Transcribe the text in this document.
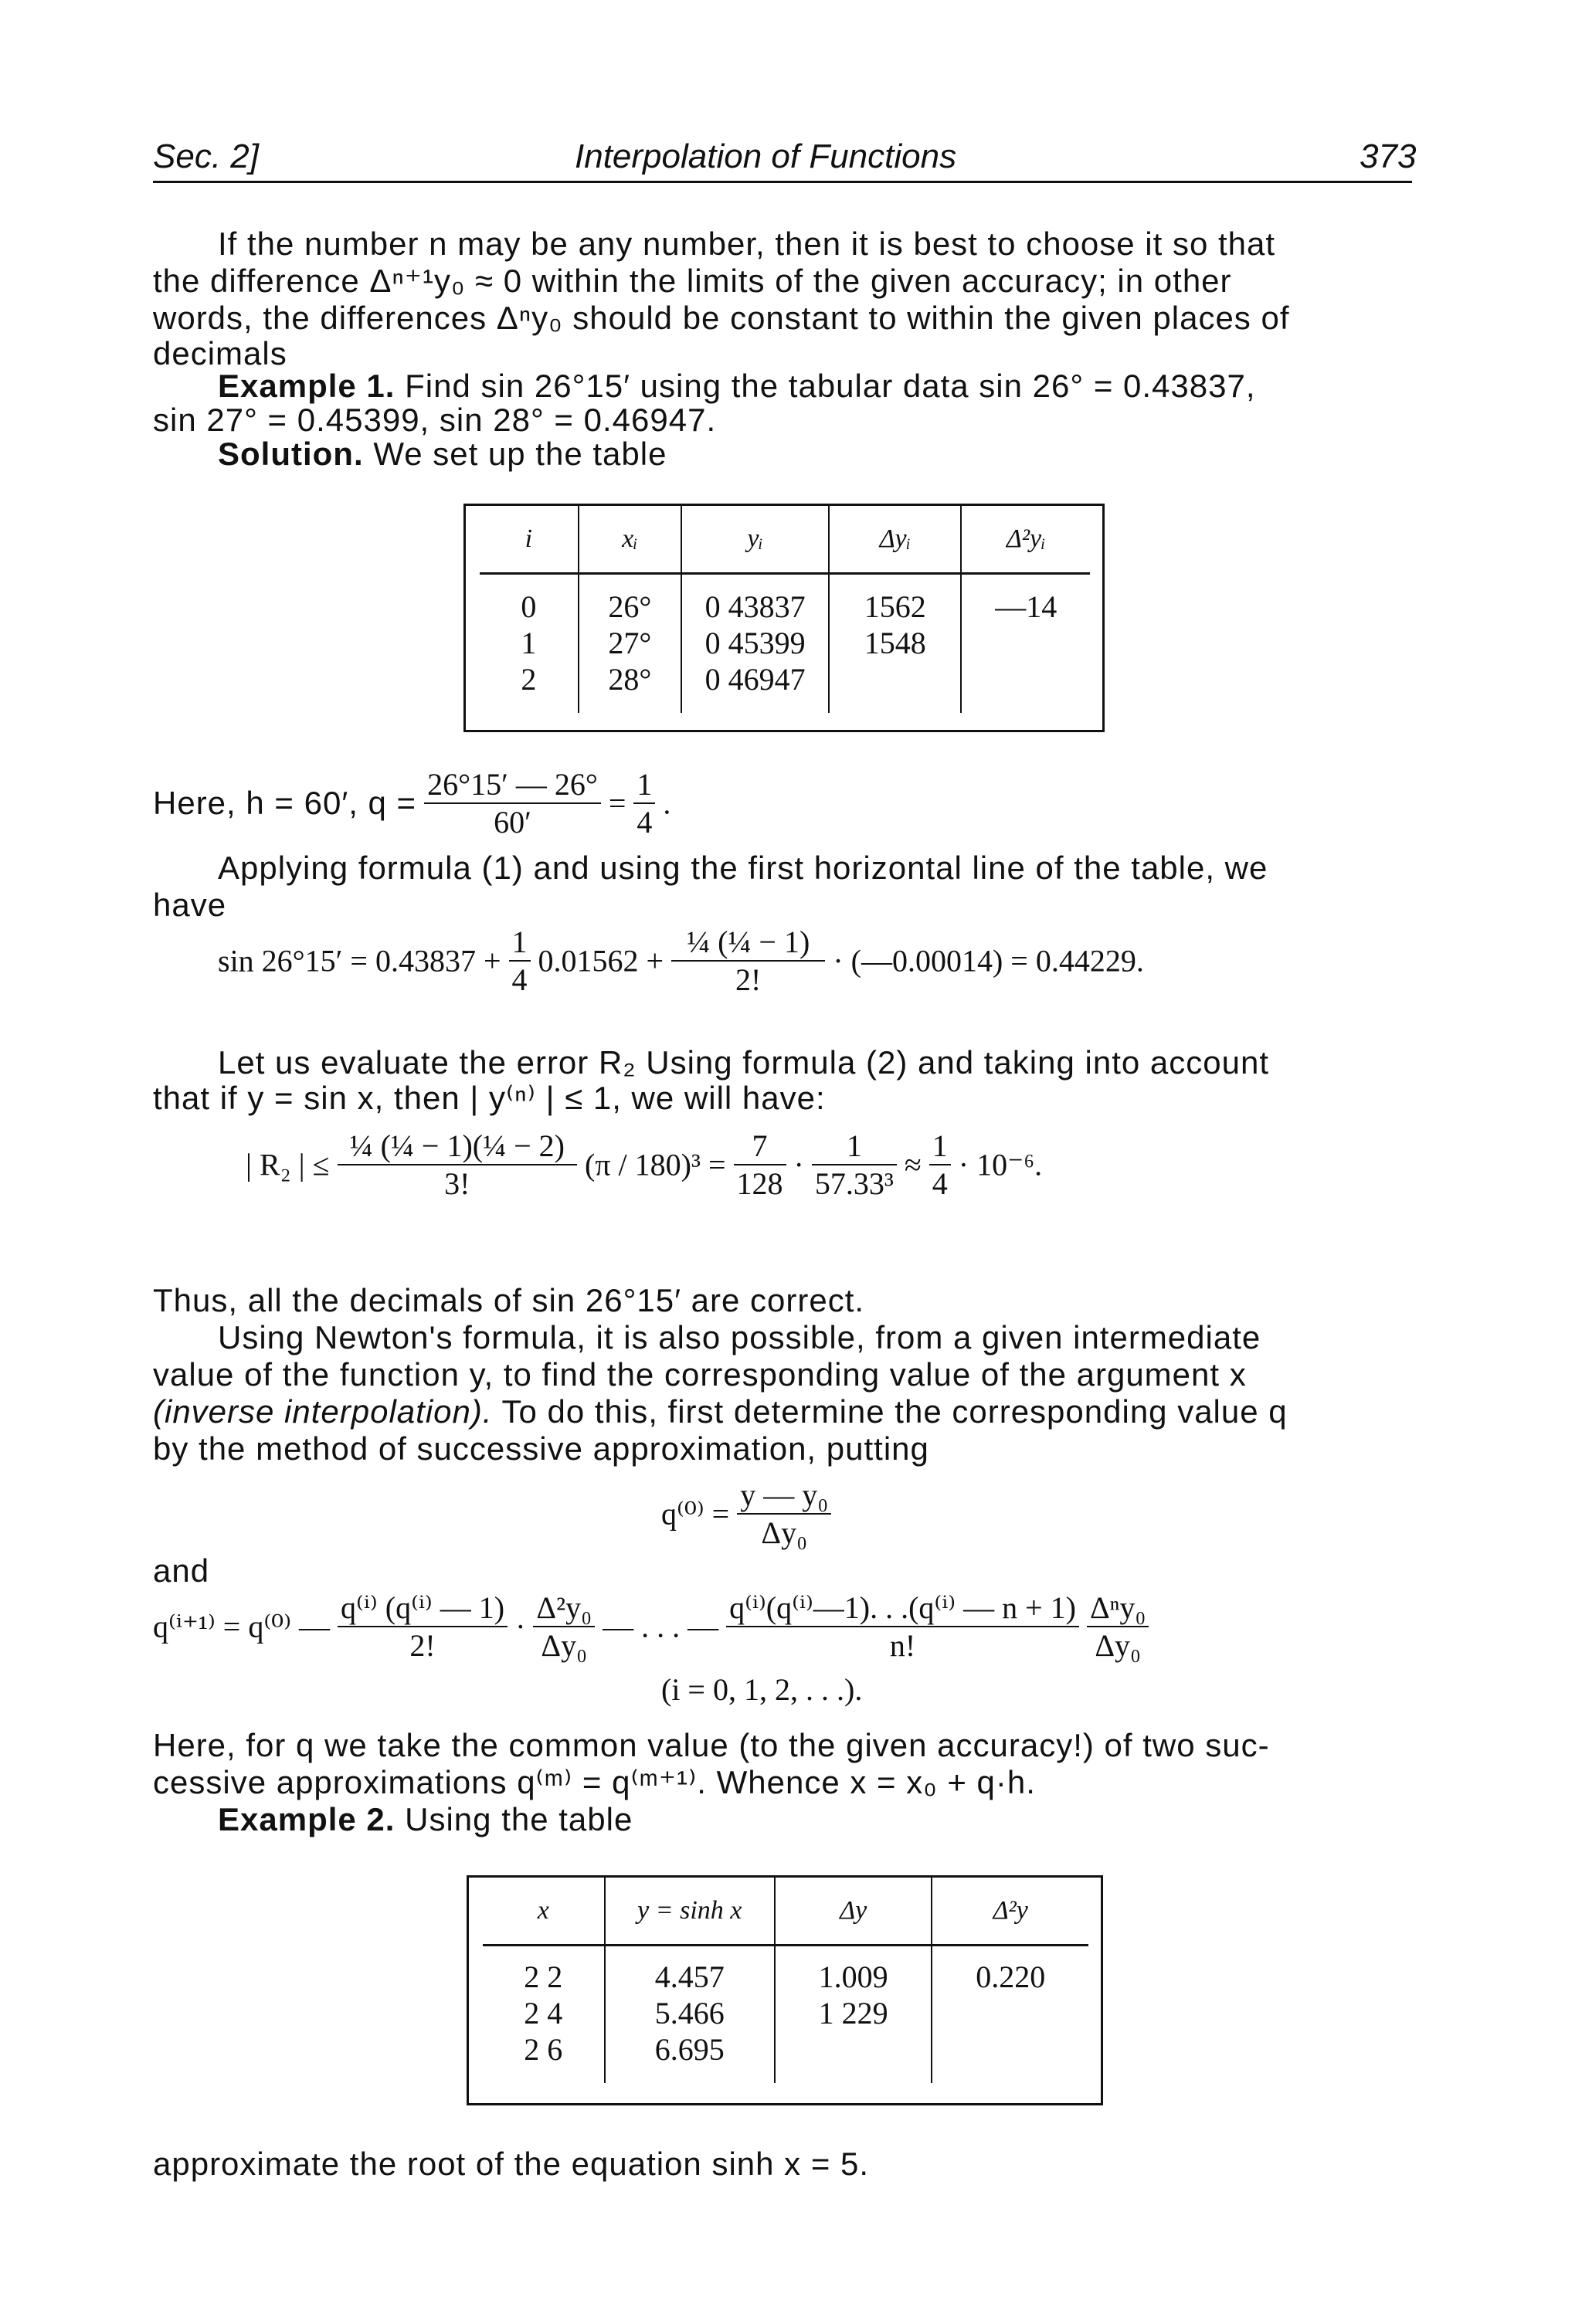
Sec. 2]	Interpolation of Functions	373
If the number n may be any number, then it is best to choose it so that
the difference Δⁿ⁺¹y₀ ≈ 0 within the limits of the given accuracy; in other
words, the differences Δⁿy₀ should be constant to within the given places of
decimals
Example 1. Find sin 26°15′ using the tabular data sin 26° = 0.43837,
sin 27° = 0.45399, sin 28° = 0.46947.
Solution. We set up the table
i	xᵢ	yᵢ	Δyᵢ	Δ²yᵢ
0	26°	0 43837	1562	—14
1	27°	0 45399	1548	
2	28°	0 46947		
Here, h = 60′, $q = \frac{26^\circ 15' — 26^\circ}{60'} = \frac{1}{4}$ .
Applying formula (1) and using the first horizontal line of the table, we
have
$\sin 26^\circ 15' = 0.43837 + \frac{1}{4} 0.01562 + \frac{\text{¼ (¼ − 1)}}{2!}$ · (—0.00014) = 0.44229.
Let us evaluate the error R₂ Using formula (2) and taking into account
that if y = sin x, then | y⁽ⁿ⁾ | ≤ 1, we will have:
| R₂ | ≤ $\frac{\text{¼ (¼ − 1)(¼ − 2)}}{3!} (\pi / 180)^3 = \frac{7}{128} \cdot \frac{1}{\text{57.33³}} \approx \frac{1}{4} \cdot 10^{-6}$.
Thus, all the decimals of sin 26°15′ are correct.
Using Newton's formula, it is also possible, from a given intermediate
value of the function y, to find the corresponding value of the argument x
(inverse interpolation). To do this, first determine the corresponding value q
by the method of successive approximation, putting
$q^{(0)} = \frac{\text{y — y₀}}{\text{Δy₀}}$
and
q⁽ⁱ⁺¹⁾ = q⁽⁰⁾ — $\frac{\text{q⁽ⁱ⁾ (q⁽ⁱ⁾ — 1)}}{2!} \cdot \frac{\text{Δ²y₀}}{\text{Δy₀}}$ — . . . — $\frac{\text{q⁽ⁱ⁾(q⁽ⁱ⁾—1). . .(q⁽ⁱ⁾ — n + 1)}}{n!}$
$\frac{\text{Δⁿy₀}}{\text{Δy₀}}$
(i = 0, 1, 2, . . .).
Here, for q we take the common value (to the given accuracy!) of two suc-
cessive approximations q⁽ᵐ⁾ = q⁽ᵐ⁺¹⁾. Whence x = x₀ + q·h.
Example 2. Using the table
x	y = sinh x	Δy	Δ²y
2 2	4.457	1.009	0.220
2 4	5.466	1 229	
2 6	6.695		
approximate the root of the equation sinh x = 5.
